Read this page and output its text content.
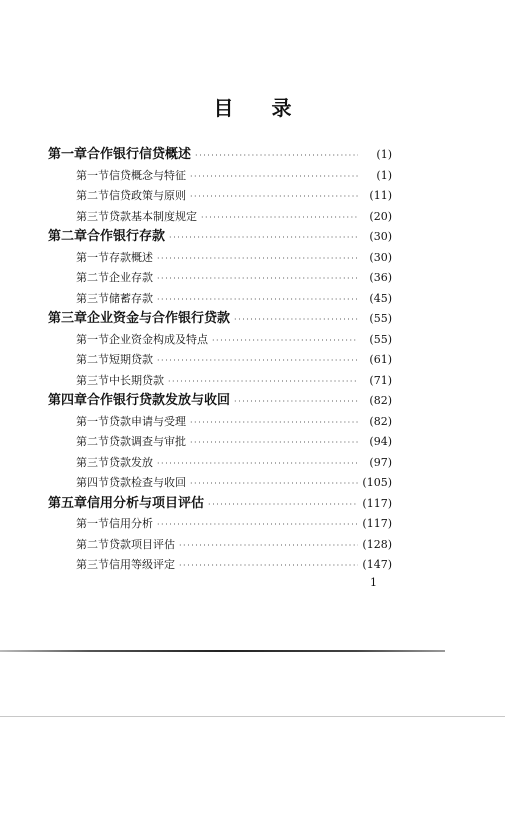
目录
第一章 合作银行信贷概述 ·····	(1)
第一节 信贷概念与特征 ·····	(1)
第二节 信贷政策与原则 ·····	(11)
第三节 贷款基本制度规定 ·····	(20)
第二章 合作银行存款 ·····	(30)
第一节 存款概述 ·····	(30)
第二节 企业存款 ·····	(36)
第三节 储蓄存款 ·····	(45)
第三章 企业资金与合作银行贷款 ·····	(55)
第一节 企业资金构成及特点 ·····	(55)
第二节 短期贷款 ·····	(61)
第三节 中长期贷款 ·····	(71)
第四章 合作银行贷款发放与收回 ·····	(82)
第一节 贷款申请与受理 ·····	(82)
第二节 贷款调查与审批 ·····	(94)
第三节 贷款发放 ·····	(97)
第四节 贷款检查与收回 ·····	(105)
第五章 信用分析与项目评估 ·····	(117)
第一节 信用分析 ·····	(117)
第二节 贷款项目评估 ·····	(128)
第三节 信用等级评定 ·····	(147)
1
